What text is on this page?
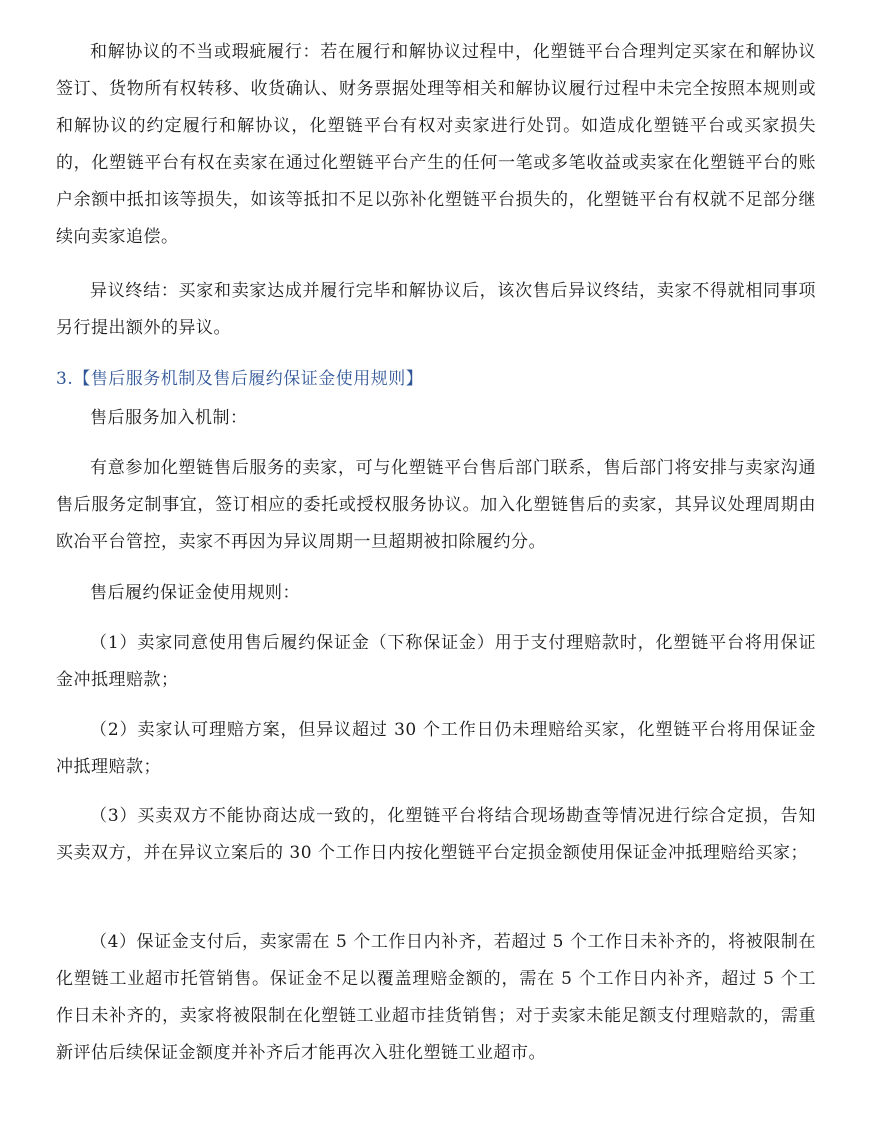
和解协议的不当或瑕疵履行：若在履行和解协议过程中，化塑链平台合理判定买家在和解协议签订、货物所有权转移、收货确认、财务票据处理等相关和解协议履行过程中未完全按照本规则或和解协议的约定履行和解协议，化塑链平台有权对卖家进行处罚。如造成化塑链平台或买家损失的，化塑链平台有权在卖家在通过化塑链平台产生的任何一笔或多笔收益或卖家在化塑链平台的账户余额中抵扣该等损失，如该等抵扣不足以弥补化塑链平台损失的，化塑链平台有权就不足部分继续向卖家追偿。

异议终结：买家和卖家达成并履行完毕和解协议后，该次售后异议终结，卖家不得就相同事项另行提出额外的异议。

3.【售后服务机制及售后履约保证金使用规则】

售后服务加入机制：

有意参加化塑链售后服务的卖家，可与化塑链平台售后部门联系，售后部门将安排与卖家沟通售后服务定制事宜，签订相应的委托或授权服务协议。加入化塑链售后的卖家，其异议处理周期由欧冶平台管控，卖家不再因为异议周期一旦超期被扣除履约分。

售后履约保证金使用规则：

（1）卖家同意使用售后履约保证金（下称保证金）用于支付理赔款时，化塑链平台将用保证金冲抵理赔款；

（2）卖家认可理赔方案，但异议超过 30 个工作日仍未理赔给买家，化塑链平台将用保证金冲抵理赔款；

（3）买卖双方不能协商达成一致的，化塑链平台将结合现场勘查等情况进行综合定损，告知买卖双方，并在异议立案后的 30 个工作日内按化塑链平台定损金额使用保证金冲抵理赔给买家；

（4）保证金支付后，卖家需在 5 个工作日内补齐，若超过 5 个工作日未补齐的，将被限制在化塑链工业超市托管销售。保证金不足以覆盖理赔金额的，需在 5 个工作日内补齐，超过 5 个工作日未补齐的，卖家将被限制在化塑链工业超市挂货销售；对于卖家未能足额支付理赔款的，需重新评估后续保证金额度并补齐后才能再次入驻化塑链工业超市。
